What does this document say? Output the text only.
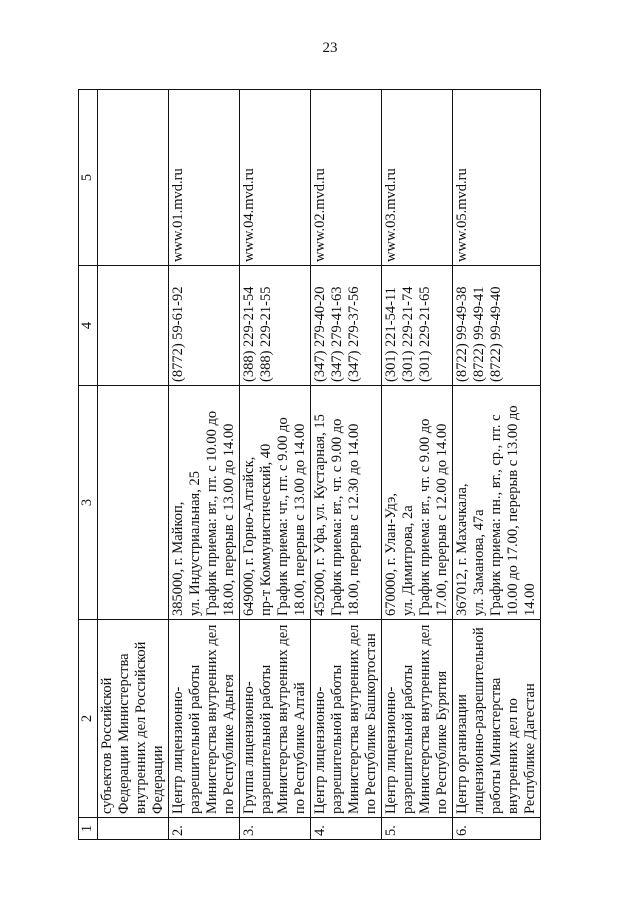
23
1	2	3	4	5

	субъектов Российской Федерации Министерства внутренних дел Российской Федерации			

2.	Центр лицензионно- разрешительной работы Министерства внутренних дел по Республике Адыгея	385000, г. Майкоп, ул. Индустриальная, 25 График приема: вт., пт. с 10.00 до 18.00, перерыв с 13.00 до 14.00	(8772) 59-61-92	www.01.mvd.ru
3.	Группа лицензионно- разрешительной работы Министерства внутренних дел по Республике Алтай	649000, г. Горно-Алтайск, пр-т Коммунистический, 40 График приема: чт., пт. с 9.00 до 18.00, перерыв с 13.00 до 14.00	(388) 229-21-54 (388) 229-21-55	www.04.mvd.ru
4.	Центр лицензионно- разрешительной работы Министерства внутренних дел по Республике Башкортостан	452000, г. Уфа, ул. Кустарная, 15 График приема: вт., чт. с 9.00 до 18.00, перерыв с 12.30 до 14.00	(347) 279-40-20 (347) 279-41-63 (347) 279-37-56	www.02.mvd.ru
5.	Центр лицензионно- разрешительной работы Министерства внутренних дел по Республике Бурятия	670000, г. Улан-Удэ, ул. Димитрова, 2а График приема: вт., чт. с 9.00 до 17.00, перерыв с 12.00 до 14.00	(301) 221-54-11 (301) 229-21-74 (301) 229-21-65	www.03.mvd.ru
6.	Центр организации лицензионно-разрешительной работы Министерства внутренних дел по Республике Дагестан	367012, г. Махачкала, ул. Заманова, 47а График приема: пн., вт., ср., пт. с 10.00 до 17.00, перерыв с 13.00 до 14.00	(8722) 99-49-38 (8722) 99-49-41 (8722) 99-49-40	www.05.mvd.ru
